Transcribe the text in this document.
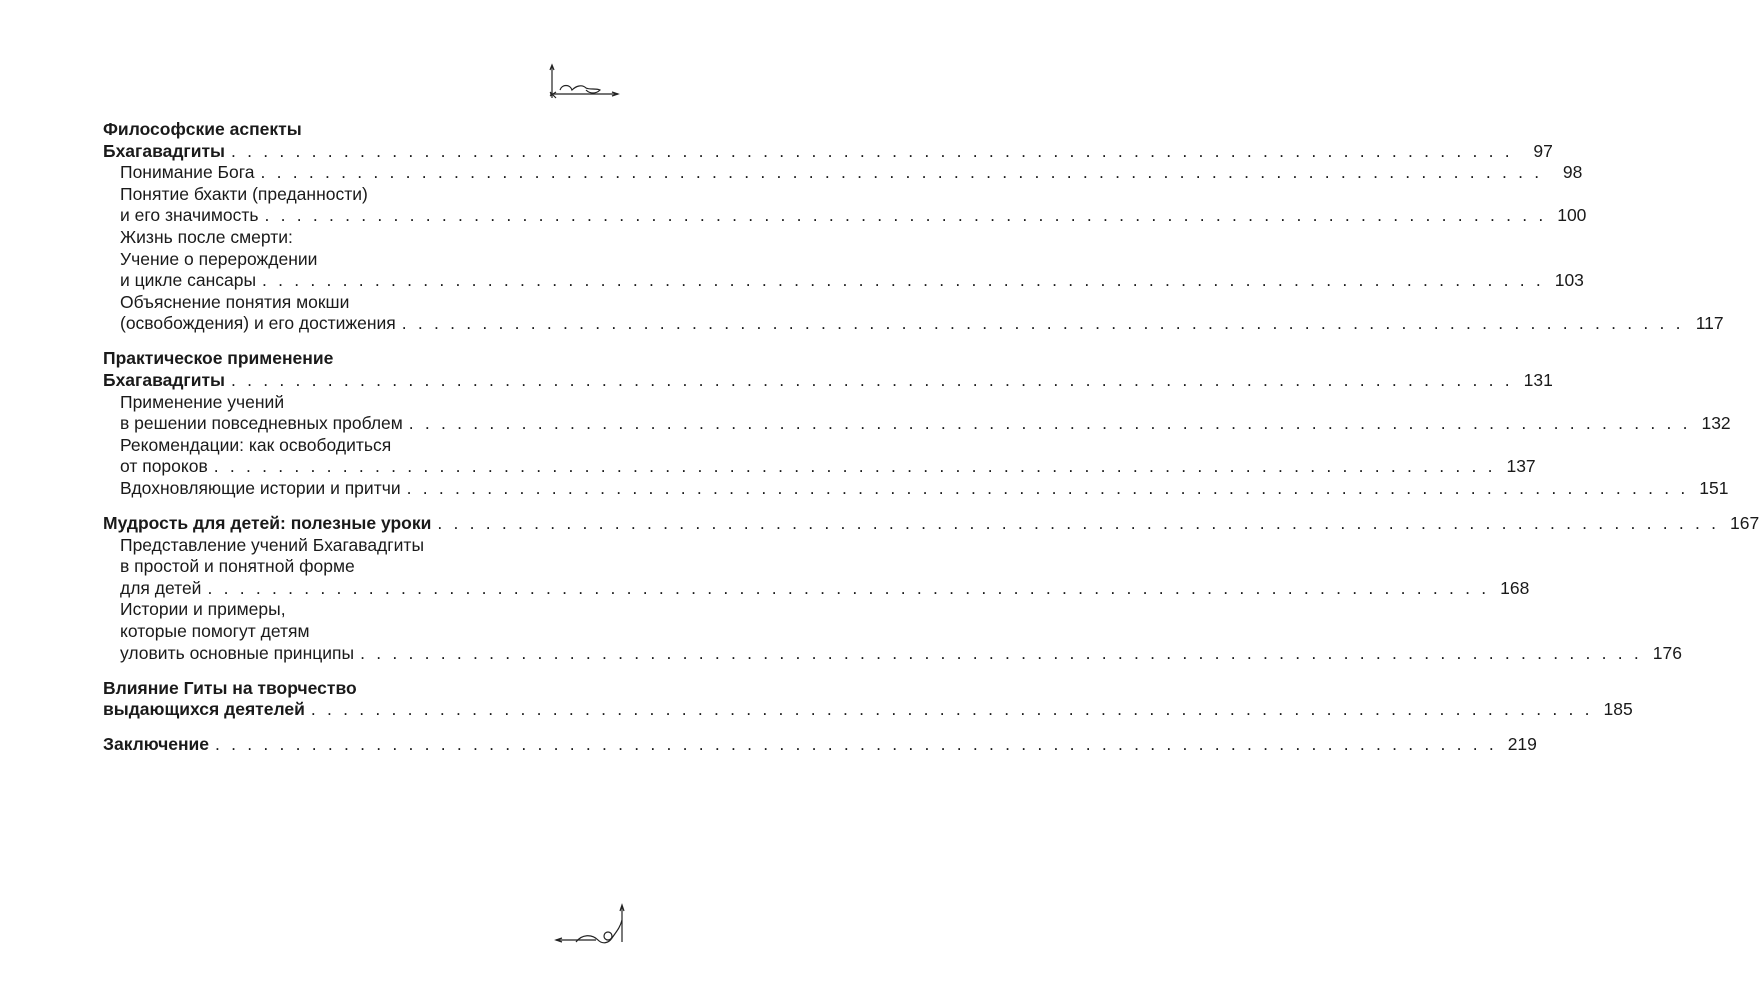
Философские аспекты
Бхагавадгиты . . . . . . . . . . . . . . . . . . . . . . . . . . . . . . . . . . . . . . . . . . . . . . . . . . . . . . . . . . . . . . . . . . . . . . . . . . . . . . . .	97
Понимание Бога . . . . . . . . . . . . . . . . . . . . . . . . . . . . . . . . . . . . . . . . . . . . . . . . . . . . . . . . . . . . . . . . . . . . . . . . . . . . . . . .	98
Понятие бхакти (преданности)
и его значимость . . . . . . . . . . . . . . . . . . . . . . . . . . . . . . . . . . . . . . . . . . . . . . . . . . . . . . . . . . . . . . . . . . . . . . . . . . . . . . . . 100
Жизнь после смерти:
Учение о перерождении
и цикле сансары . . . . . . . . . . . . . . . . . . . . . . . . . . . . . . . . . . . . . . . . . . . . . . . . . . . . . . . . . . . . . . . . . . . . . . . . . . . . . . . . 103
Объяснение понятия мокши
(освобождения) и его достижения . . . . . . . . . . . . . . . . . . . . . . . . . . . . . . . . . . . . . . . . . . . . . . . . . . . . . . . . . . . . . . . . . . . . . . . . . . . . . . . . 117
Практическое применение
Бхагавадгиты . . . . . . . . . . . . . . . . . . . . . . . . . . . . . . . . . . . . . . . . . . . . . . . . . . . . . . . . . . . . . . . . . . . . . . . . . . . . . . . . 131
Применение учений
в решении повседневных проблем . . . . . . . . . . . . . . . . . . . . . . . . . . . . . . . . . . . . . . . . . . . . . . . . . . . . . . . . . . . . . . . . . . . . . . . . . . . . . . . . 132
Рекомендации: как освободиться
от пороков . . . . . . . . . . . . . . . . . . . . . . . . . . . . . . . . . . . . . . . . . . . . . . . . . . . . . . . . . . . . . . . . . . . . . . . . . . . . . . . . 137
Вдохновляющие истории и притчи . . . . . . . . . . . . . . . . . . . . . . . . . . . . . . . . . . . . . . . . . . . . . . . . . . . . . . . . . . . . . . . . . . . . . . . . . . . . . . . . 151
Мудрость для детей: полезные уроки . . . . . . . . . . . . . . . . . . . . . . . . . . . . . . . . . . . . . . . . . . . . . . . . . . . . . . . . . . . . . . . . . . . . . . . . . . . . . . . . 167
Представление учений Бхагавадгиты
в простой и понятной форме
для детей . . . . . . . . . . . . . . . . . . . . . . . . . . . . . . . . . . . . . . . . . . . . . . . . . . . . . . . . . . . . . . . . . . . . . . . . . . . . . . . . 168
Истории и примеры,
которые помогут детям
уловить основные принципы . . . . . . . . . . . . . . . . . . . . . . . . . . . . . . . . . . . . . . . . . . . . . . . . . . . . . . . . . . . . . . . . . . . . . . . . . . . . . . . . 176
Влияние Гиты на творчество
выдающихся деятелей . . . . . . . . . . . . . . . . . . . . . . . . . . . . . . . . . . . . . . . . . . . . . . . . . . . . . . . . . . . . . . . . . . . . . . . . . . . . . . . . 185
Заключение . . . . . . . . . . . . . . . . . . . . . . . . . . . . . . . . . . . . . . . . . . . . . . . . . . . . . . . . . . . . . . . . . . . . . . . . . . . . . . . . 219
